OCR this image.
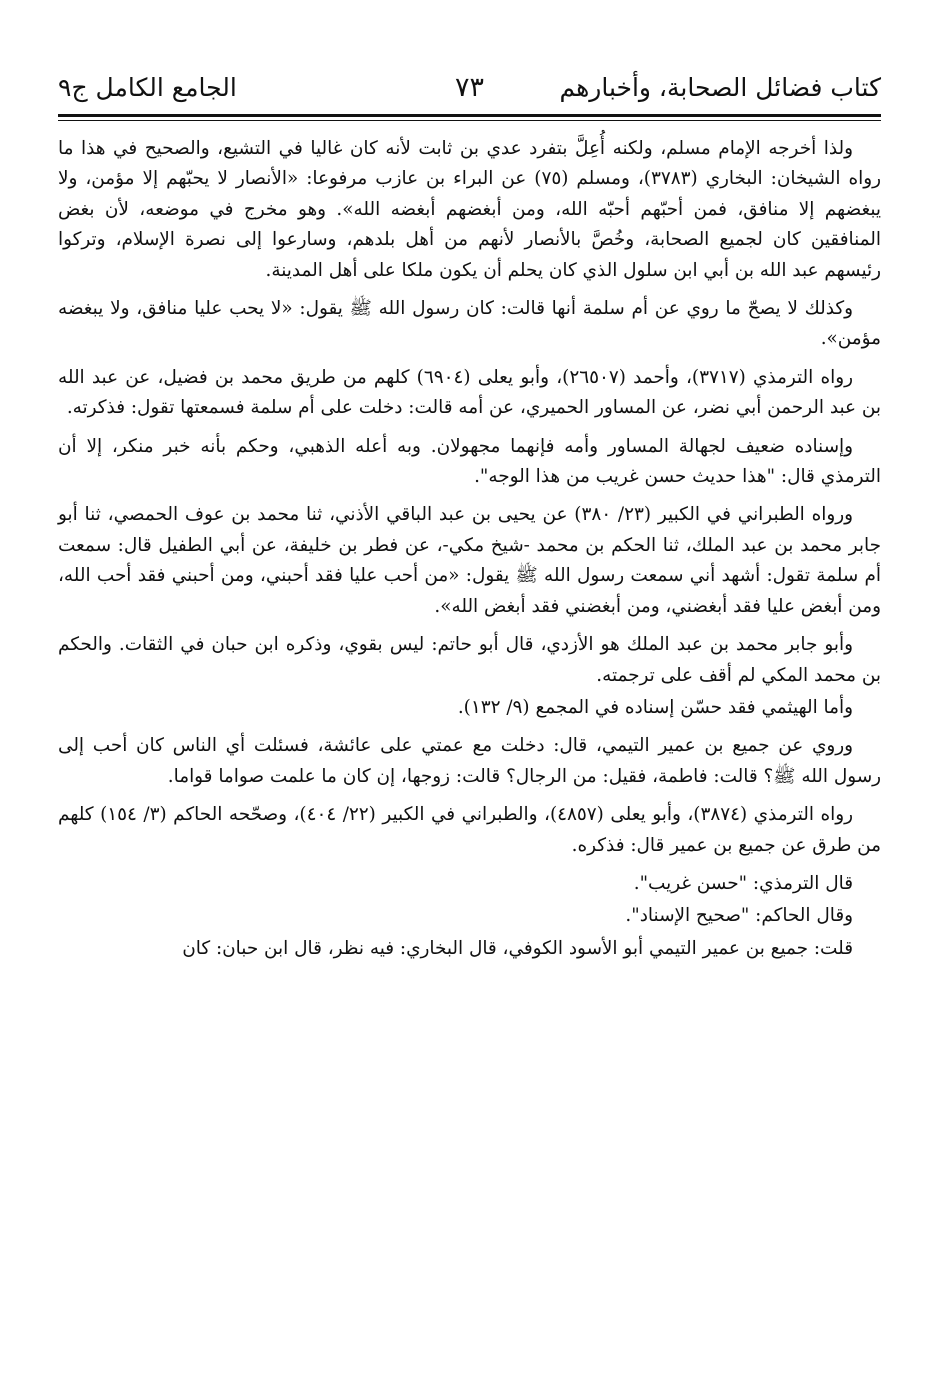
كتاب فضائل الصحابة، وأخبارهم
٧٣
الجامع الكامل ج٩

ولذا أخرجه الإمام مسلم، ولكنه أُعِلَّ بتفرد عدي بن ثابت لأنه كان غاليا في التشيع، والصحيح في هذا ما رواه الشيخان: البخاري (٣٧٨٣)، ومسلم (٧٥) عن البراء بن عازب مرفوعا: «الأنصار لا يحبّهم إلا مؤمن، ولا يبغضهم إلا منافق، فمن أحبّهم أحبّه الله، ومن أبغضهم أبغضه الله». وهو مخرج في موضعه، لأن بغض المنافقين كان لجميع الصحابة، وخُصَّ بالأنصار لأنهم من أهل بلدهم، وسارعوا إلى نصرة الإسلام، وتركوا رئيسهم عبد الله بن أبي ابن سلول الذي كان يحلم أن يكون ملكا على أهل المدينة.

وكذلك لا يصحّ ما روي عن أم سلمة أنها قالت: كان رسول الله ﷺ يقول: «لا يحب عليا منافق، ولا يبغضه مؤمن».

رواه الترمذي (٣٧١٧)، وأحمد (٢٦٥٠٧)، وأبو يعلى (٦٩٠٤) كلهم من طريق محمد بن فضيل، عن عبد الله بن عبد الرحمن أبي نضر، عن المساور الحميري، عن أمه قالت: دخلت على أم سلمة فسمعتها تقول: فذكرته.

وإسناده ضعيف لجهالة المساور وأمه فإنهما مجهولان. وبه أعله الذهبي، وحكم بأنه خبر منكر، إلا أن الترمذي قال: "هذا حديث حسن غريب من هذا الوجه".

ورواه الطبراني في الكبير (٢٣/ ٣٨٠) عن يحيى بن عبد الباقي الأذني، ثنا محمد بن عوف الحمصي، ثنا أبو جابر محمد بن عبد الملك، ثنا الحكم بن محمد -شيخ مكي-، عن فطر بن خليفة، عن أبي الطفيل قال: سمعت أم سلمة تقول: أشهد أني سمعت رسول الله ﷺ يقول: «من أحب عليا فقد أحبني، ومن أحبني فقد أحب الله، ومن أبغض عليا فقد أبغضني، ومن أبغضني فقد أبغض الله».

وأبو جابر محمد بن عبد الملك هو الأزدي، قال أبو حاتم: ليس بقوي، وذكره ابن حبان في الثقات. والحكم بن محمد المكي لم أقف على ترجمته.

وأما الهيثمي فقد حسّن إسناده في المجمع (٩/ ١٣٢).

وروي عن جميع بن عمير التيمي، قال: دخلت مع عمتي على عائشة، فسئلت أي الناس كان أحب إلى رسول الله ﷺ؟ قالت: فاطمة، فقيل: من الرجال؟ قالت: زوجها، إن كان ما علمت صواما قواما.

رواه الترمذي (٣٨٧٤)، وأبو يعلى (٤٨٥٧)، والطبراني في الكبير (٢٢/ ٤٠٤)، وصحّحه الحاكم (٣/ ١٥٤) كلهم من طرق عن جميع بن عمير قال: فذكره.

قال الترمذي: "حسن غريب".

وقال الحاكم: "صحيح الإسناد".

قلت: جميع بن عمير التيمي أبو الأسود الكوفي، قال البخاري: فيه نظر، قال ابن حبان: كان
